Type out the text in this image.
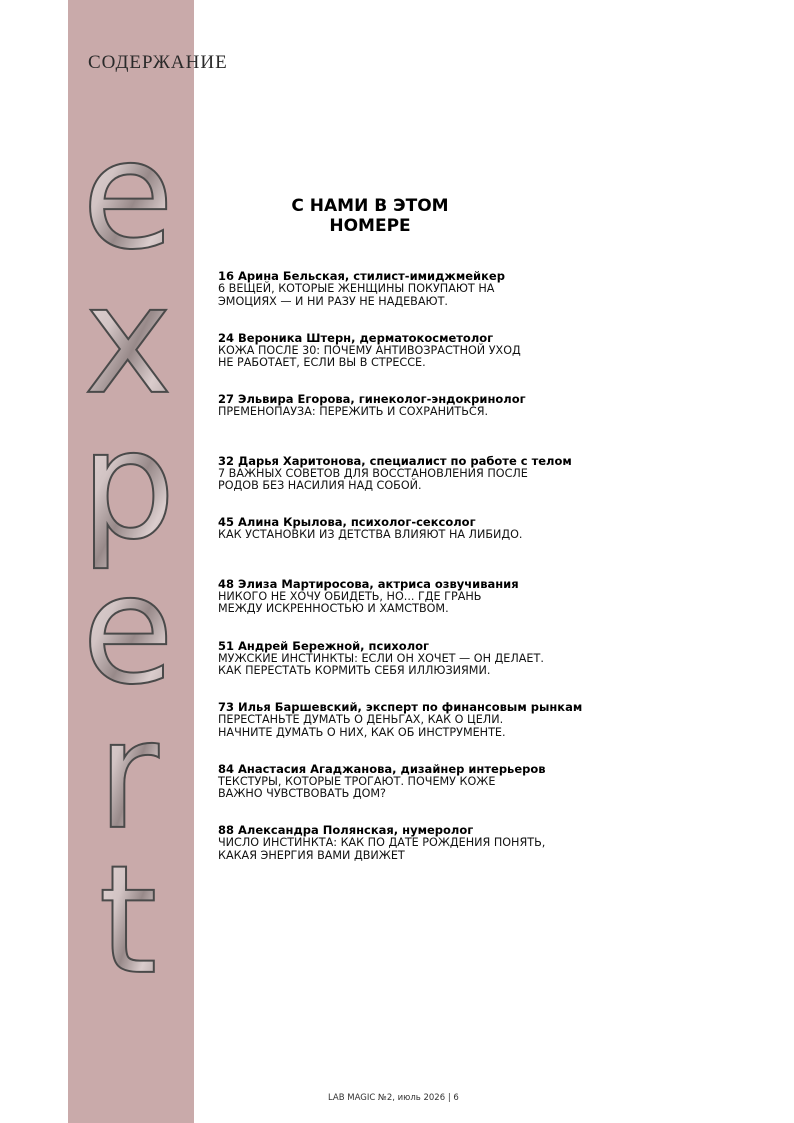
СОДЕРЖАНИЕ
e
x
p
e
r
t
С НАМИ В ЭТОМ
НОМЕРЕ
16 Арина Бельская, стилист-имиджмейкер
6 ВЕЩЕЙ, КОТОРЫЕ ЖЕНЩИНЫ ПОКУПАЮТ НА
ЭМОЦИЯХ — И НИ РАЗУ НЕ НАДЕВАЮТ.
24 Вероника Штерн, дерматокосметолог
КОЖА ПОСЛЕ 30: ПОЧЕМУ АНТИВОЗРАСТНОЙ УХОД
НЕ РАБОТАЕТ, ЕСЛИ ВЫ В СТРЕССЕ.
27 Эльвира Егорова, гинеколог-эндокринолог
ПРЕМЕНОПАУЗА: ПЕРЕЖИТЬ И СОХРАНИТЬСЯ.
32 Дарья Харитонова, специалист по работе с телом
7 ВАЖНЫХ СОВЕТОВ ДЛЯ ВОССТАНОВЛЕНИЯ ПОСЛЕ
РОДОВ БЕЗ НАСИЛИЯ НАД СОБОЙ.
45 Алина Крылова, психолог-сексолог
КАК УСТАНОВКИ ИЗ ДЕТСТВА ВЛИЯЮТ НА ЛИБИДО.
48 Элиза Мартиросова, актриса озвучивания
НИКОГО НЕ ХОЧУ ОБИДЕТЬ, НО... ГДЕ ГРАНЬ
МЕЖДУ ИСКРЕННОСТЬЮ И ХАМСТВОМ.
51 Андрей Бережной, психолог
МУЖСКИЕ ИНСТИНКТЫ: ЕСЛИ ОН ХОЧЕТ — ОН ДЕЛАЕТ.
КАК ПЕРЕСТАТЬ КОРМИТЬ СЕБЯ ИЛЛЮЗИЯМИ.
73 Илья Баршевский, эксперт по финансовым рынкам
ПЕРЕСТАНЬТЕ ДУМАТЬ О ДЕНЬГАХ, КАК О ЦЕЛИ.
НАЧНИТЕ ДУМАТЬ О НИХ, КАК ОБ ИНСТРУМЕНТЕ.
84 Анастасия Агаджанова, дизайнер интерьеров
ТЕКСТУРЫ, КОТОРЫЕ ТРОГАЮТ. ПОЧЕМУ КОЖЕ
ВАЖНО ЧУВСТВОВАТЬ ДОМ?
88 Александра Полянская, нумеролог
ЧИСЛО ИНСТИНКТА: КАК ПО ДАТЕ РОЖДЕНИЯ ПОНЯТЬ,
КАКАЯ ЭНЕРГИЯ ВАМИ ДВИЖЕТ
LAB MAGIC №2, июль 2026 | 6
